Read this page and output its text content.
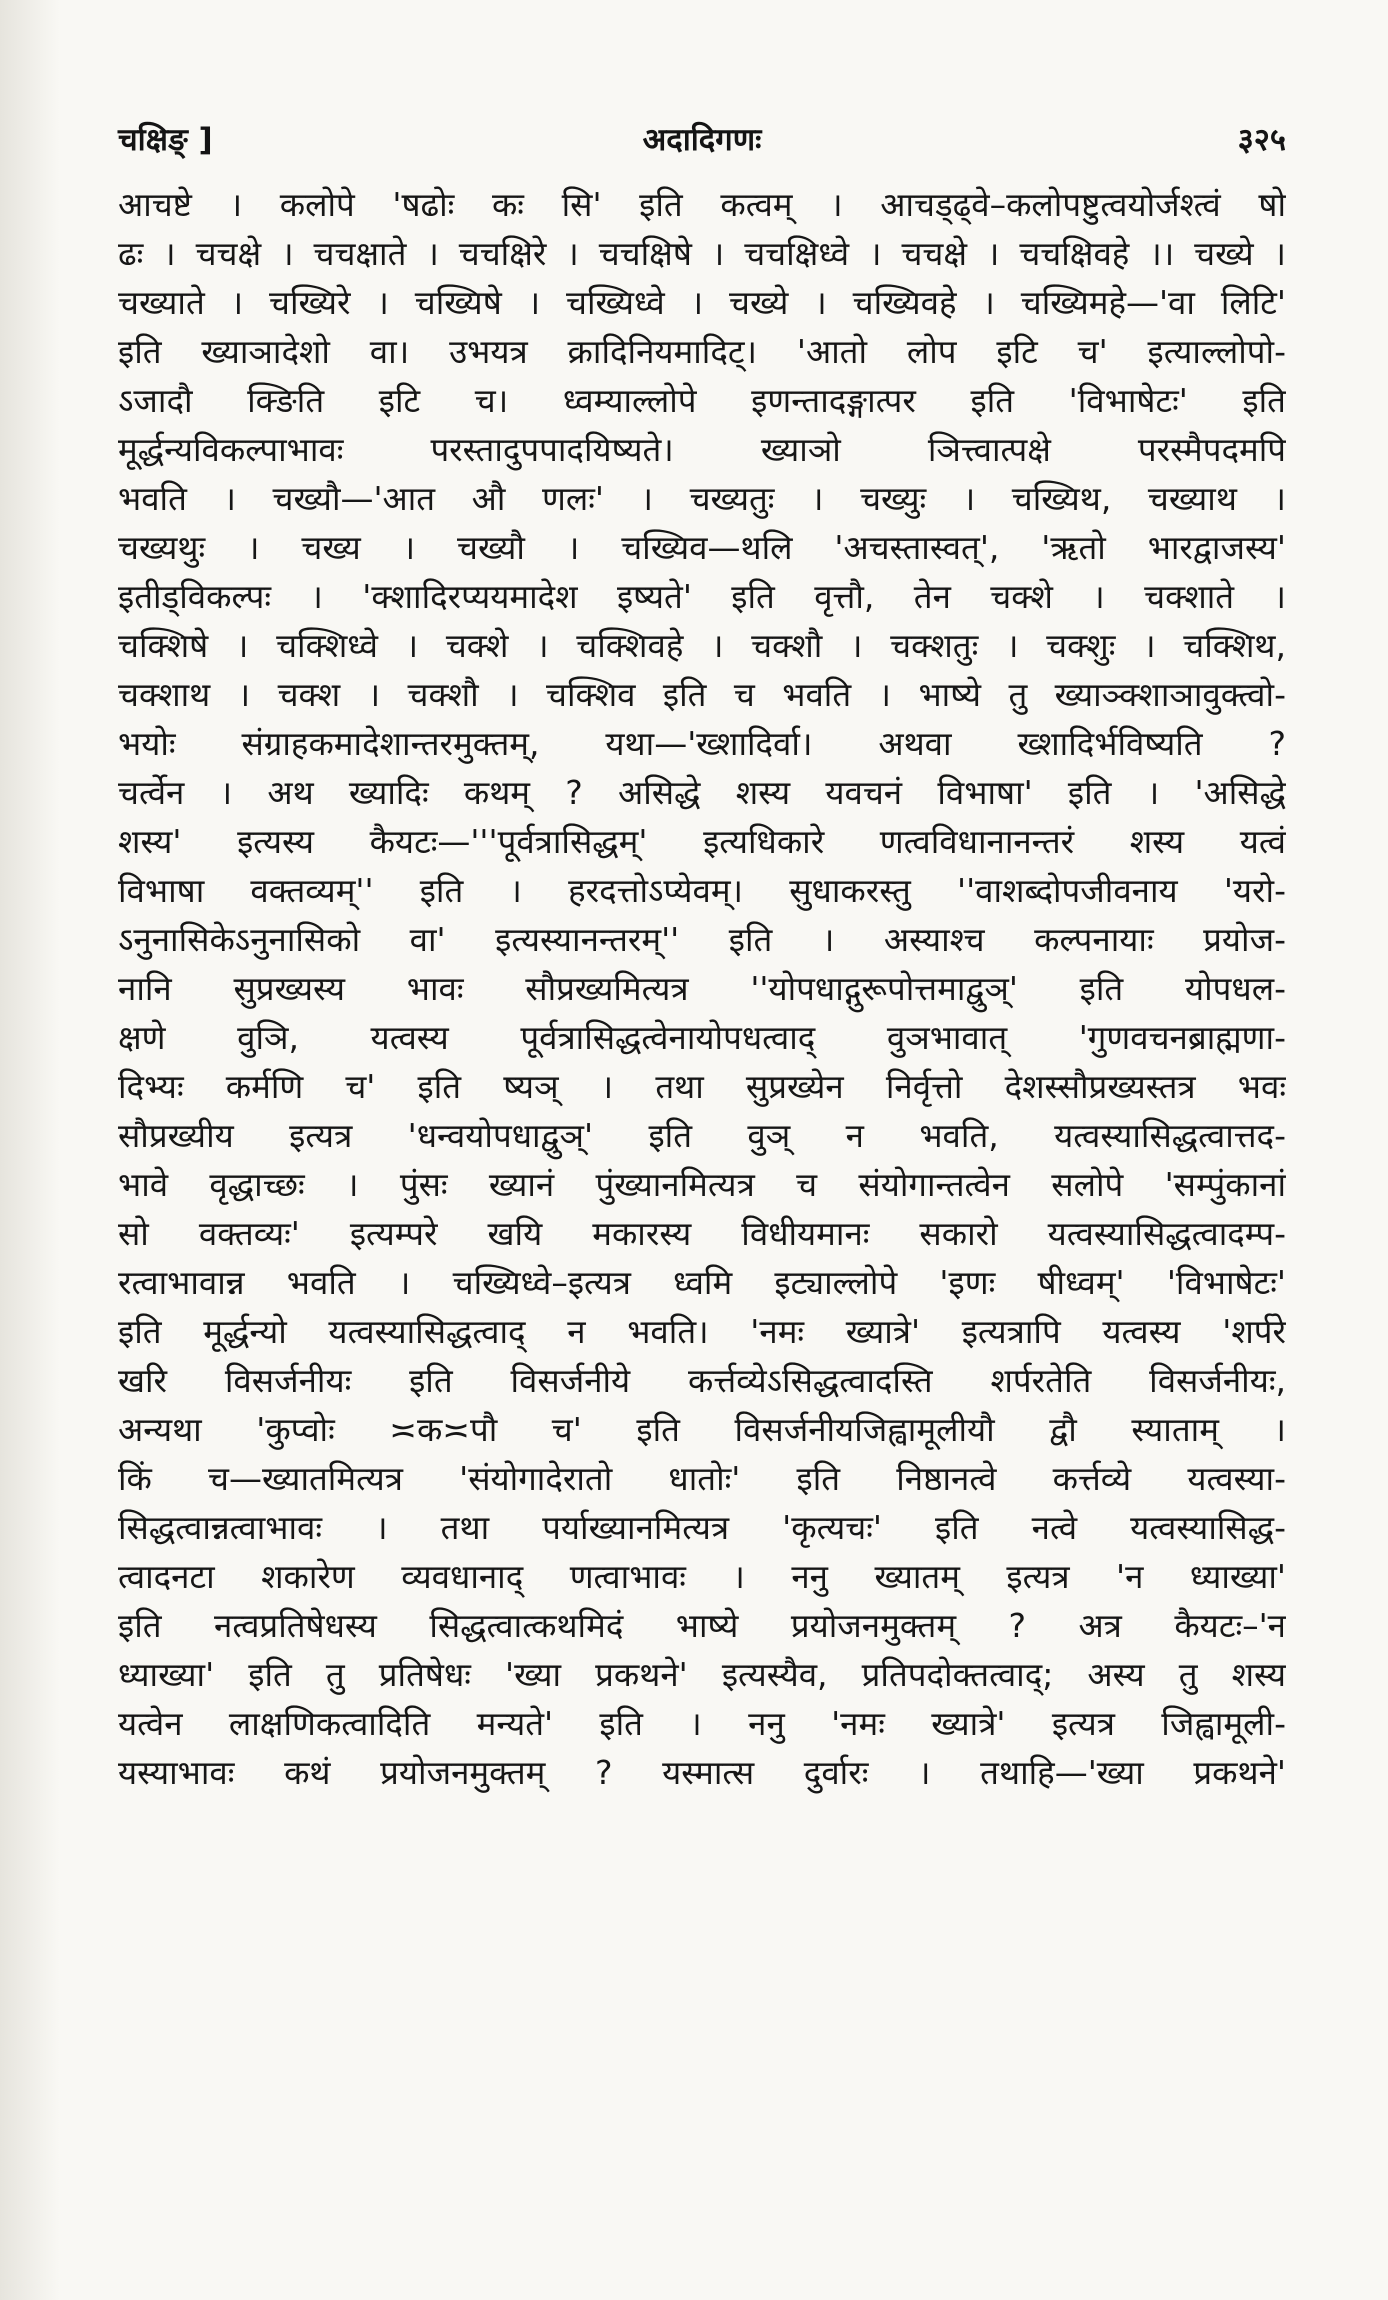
चक्षिङ् ]	अदादिगणः	३२५
आचष्टे । कलोपे 'षढोः कः सि' इति कत्वम् । आचड्ढ्वे–कलोपष्टुत्वयोर्जश्त्वं षो
ढः । चचक्षे । चचक्षाते । चचक्षिरे । चचक्षिषे । चचक्षिध्वे । चचक्षे । चचक्षिवहे ।। चख्ये ।
चख्याते । चख्यिरे । चख्यिषे । चख्यिध्वे । चख्ये । चख्यिवहे । चख्यिमहे—'वा लिटि'
इति ख्याञादेशो वा। उभयत्र क्रादिनियमादिट्। 'आतो लोप इटि च' इत्याल्लोपो-
ऽजादौ क्ङिति इटि च। ध्वम्याल्लोपे इणन्तादङ्गात्पर इति 'विभाषेटः' इति
मूर्द्धन्यविकल्पाभावः परस्तादुपपादयिष्यते। ख्याञो ञित्त्वात्पक्षे परस्मैपदमपि
भवति । चख्यौ—'आत औ णलः' । चख्यतुः । चख्युः । चख्यिथ, चख्याथ ।
चख्यथुः । चख्य । चख्यौ । चख्यिव—थलि 'अचस्तास्वत्', 'ऋतो भारद्वाजस्य'
इतीड्विकल्पः । 'क्शादिरप्ययमादेश इष्यते' इति वृत्तौ, तेन चक्शे । चक्शाते ।
चक्शिषे । चक्शिध्वे । चक्शे । चक्शिवहे । चक्शौ । चक्शतुः । चक्शुः । चक्शिथ,
चक्शाथ । चक्श । चक्शौ । चक्शिव इति च भवति । भाष्ये तु ख्याञ्क्शाञावुक्त्वो-
भयोः संग्राहकमादेशान्तरमुक्तम्, यथा—'ख्शादिर्वा। अथवा ख्शादिर्भविष्यति ?
चर्त्वेन । अथ ख्यादिः कथम् ? असिद्धे शस्य यवचनं विभाषा' इति । 'असिद्धे
शस्य' इत्यस्य कैयटः—'''पूर्वत्रासिद्धम्' इत्यधिकारे णत्वविधानानन्तरं शस्य यत्वं
विभाषा वक्तव्यम्'' इति । हरदत्तोऽप्येवम्। सुधाकरस्तु ''वाशब्दोपजीवनाय 'यरो-
ऽनुनासिकेऽनुनासिको वा' इत्यस्यानन्तरम्'' इति । अस्याश्च कल्पनायाः प्रयोज-
नानि सुप्रख्यस्य भावः सौप्रख्यमित्यत्र ''योपधाद्गुरूपोत्तमाद्वुञ्' इति योपधल-
क्षणे वुञि, यत्वस्य पूर्वत्रासिद्धत्वेनायोपधत्वाद् वुञभावात् 'गुणवचनब्राह्मणा-
दिभ्यः कर्मणि च' इति ष्यञ् । तथा सुप्रख्येन निर्वृत्तो देशस्सौप्रख्यस्तत्र भवः
सौप्रख्यीय इत्यत्र 'धन्वयोपधाद्वुञ्' इति वुञ् न भवति, यत्वस्यासिद्धत्वात्तद-
भावे वृद्धाच्छः । पुंसः ख्यानं पुंख्यानमित्यत्र च संयोगान्तत्वेन सलोपे 'सम्पुंकानां
सो वक्तव्यः' इत्यम्परे खयि मकारस्य विधीयमानः सकारो यत्वस्यासिद्धत्वादम्प-
रत्वाभावान्न भवति । चख्यिध्वे–इत्यत्र ध्वमि इट्याल्लोपे 'इणः षीध्वम्' 'विभाषेटः'
इति मूर्द्धन्यो यत्वस्यासिद्धत्वाद् न भवति। 'नमः ख्यात्रे' इत्यत्रापि यत्वस्य 'शर्परे
खरि विसर्जनीयः इति विसर्जनीये कर्त्तव्येऽसिद्धत्वादस्ति शर्परतेति विसर्जनीयः,
अन्यथा 'कुप्वोः ≍क≍पौ च' इति विसर्जनीयजिह्वामूलीयौ द्वौ स्याताम् ।
किं च—ख्यातमित्यत्र 'संयोगादेरातो धातोः' इति निष्ठानत्वे कर्त्तव्ये यत्वस्या-
सिद्धत्वान्नत्वाभावः । तथा पर्याख्यानमित्यत्र 'कृत्यचः' इति नत्वे यत्वस्यासिद्ध-
त्वादनटा शकारेण व्यवधानाद् णत्वाभावः । ननु ख्यातम् इत्यत्र 'न ध्याख्या'
इति नत्वप्रतिषेधस्य सिद्धत्वात्कथमिदं भाष्ये प्रयोजनमुक्तम् ? अत्र कैयटः–'न
ध्याख्या' इति तु प्रतिषेधः 'ख्या प्रकथने' इत्यस्यैव, प्रतिपदोक्तत्वाद्; अस्य तु शस्य
यत्वेन लाक्षणिकत्वादिति मन्यते' इति । ननु 'नमः ख्यात्रे' इत्यत्र जिह्वामूली-
यस्याभावः कथं प्रयोजनमुक्तम् ? यस्मात्स दुर्वारः । तथाहि—'ख्या प्रकथने'
